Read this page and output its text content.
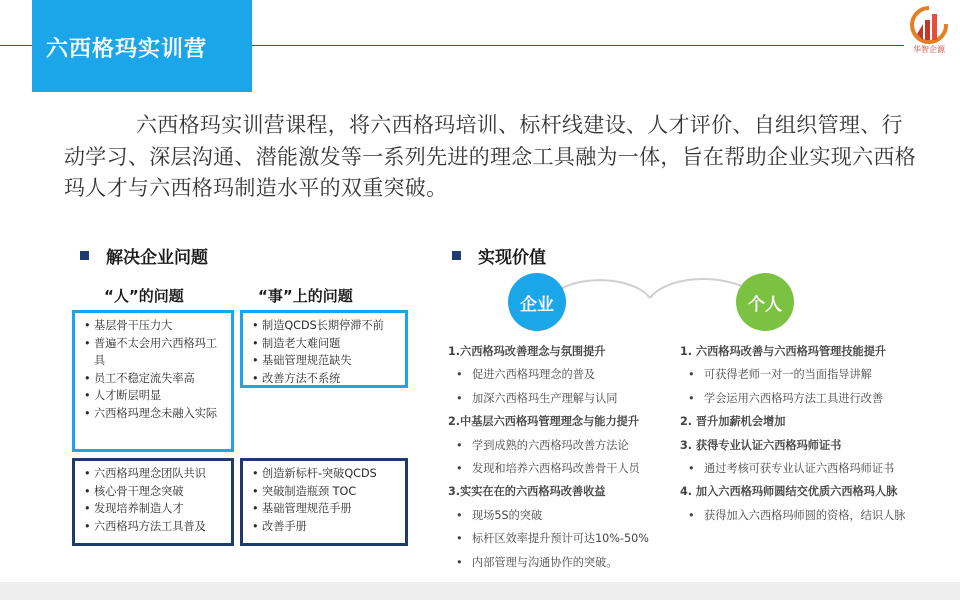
六西格玛实训营	华智企源
六西格玛实训营课程，将六西格玛培训、标杆线建设、人才评价、自组织管理、行动学习、深层沟通、潜能激发等一系列先进的理念工具融为一体，旨在帮助企业实现六西格玛人才与六西格玛制造水平的双重突破。
解决企业问题
“人”的问题	“事”上的问题
• 基层骨干压力大
• 普遍不太会用六西格玛工具
• 员工不稳定流失率高
• 人才断层明显
• 六西格玛理念未融入实际
• 制造QCDS长期停滞不前
• 制造老大难问题
• 基础管理规范缺失
• 改善方法不系统
• 六西格玛理念团队共识
• 核心骨干理念突破
• 发现培养制造人才
• 六西格玛方法工具普及
• 创造新标杆-突破QCDS
• 突破制造瓶颈 TOC
• 基础管理规范手册
• 改善手册
实现价值
企业	个人
1.六西格玛改善理念与氛围提升
• 促进六西格玛理念的普及
• 加深六西格玛生产理解与认同
2.中基层六西格玛管理理念与能力提升
• 学到成熟的六西格玛改善方法论
• 发现和培养六西格玛改善骨干人员
3.实实在在的六西格玛改善收益
• 现场5S的突破
• 标杆区效率提升预计可达10%-50%
• 内部管理与沟通协作的突破。
1. 六西格玛改善与六西格玛管理技能提升
• 可获得老师一对一的当面指导讲解
• 学会运用六西格玛方法工具进行改善
2. 晋升加薪机会增加
3. 获得专业认证六西格玛师证书
• 通过考核可获专业认证六西格玛师证书
4. 加入六西格玛师圆结交优质六西格玛人脉
• 获得加入六西格玛师圆的资格，结识人脉
